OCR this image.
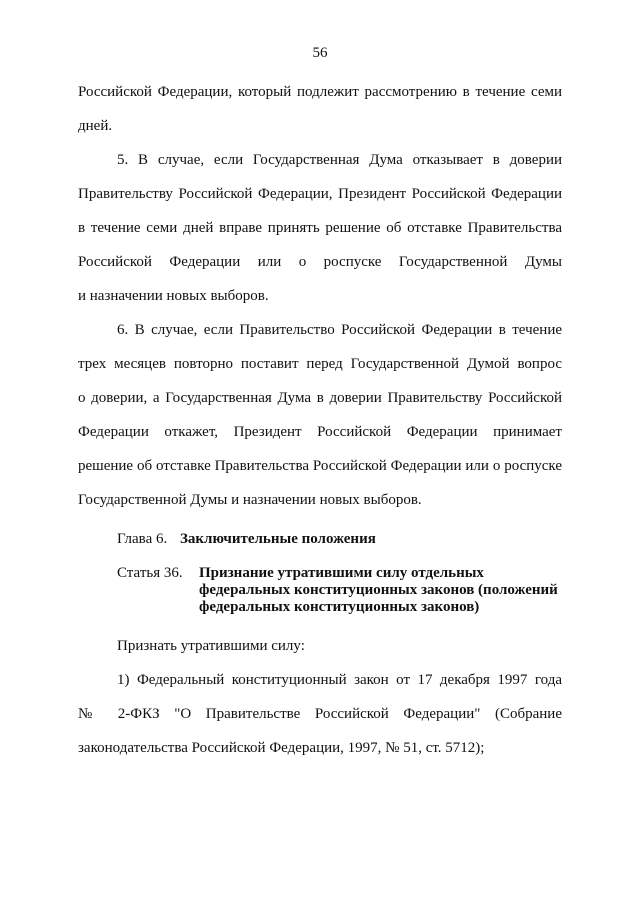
56
Российской Федерации, который подлежит рассмотрению в течение семи
дней.
5. В случае, если Государственная Дума отказывает в доверии
Правительству Российской Федерации, Президент Российской Федерации
в течение семи дней вправе принять решение об отставке Правительства
Российской Федерации или о роспуске Государственной Думы
и назначении новых выборов.
6. В случае, если Правительство Российской Федерации в течение
трех месяцев повторно поставит перед Государственной Думой вопрос
о доверии, а Государственная Дума в доверии Правительству Российской
Федерации откажет, Президент Российской Федерации принимает
решение об отставке Правительства Российской Федерации или о роспуске
Государственной Думы и назначении новых выборов.
Глава 6. Заключительные положения
Статья 36. Признание утратившими силу отдельных
федеральных конституционных законов (положений
федеральных конституционных законов)
Признать утратившими силу:
1) Федеральный конституционный закон от 17 декабря 1997 года
№ 2-ФКЗ "О Правительстве Российской Федерации" (Собрание
законодательства Российской Федерации, 1997, № 51, ст. 5712);
